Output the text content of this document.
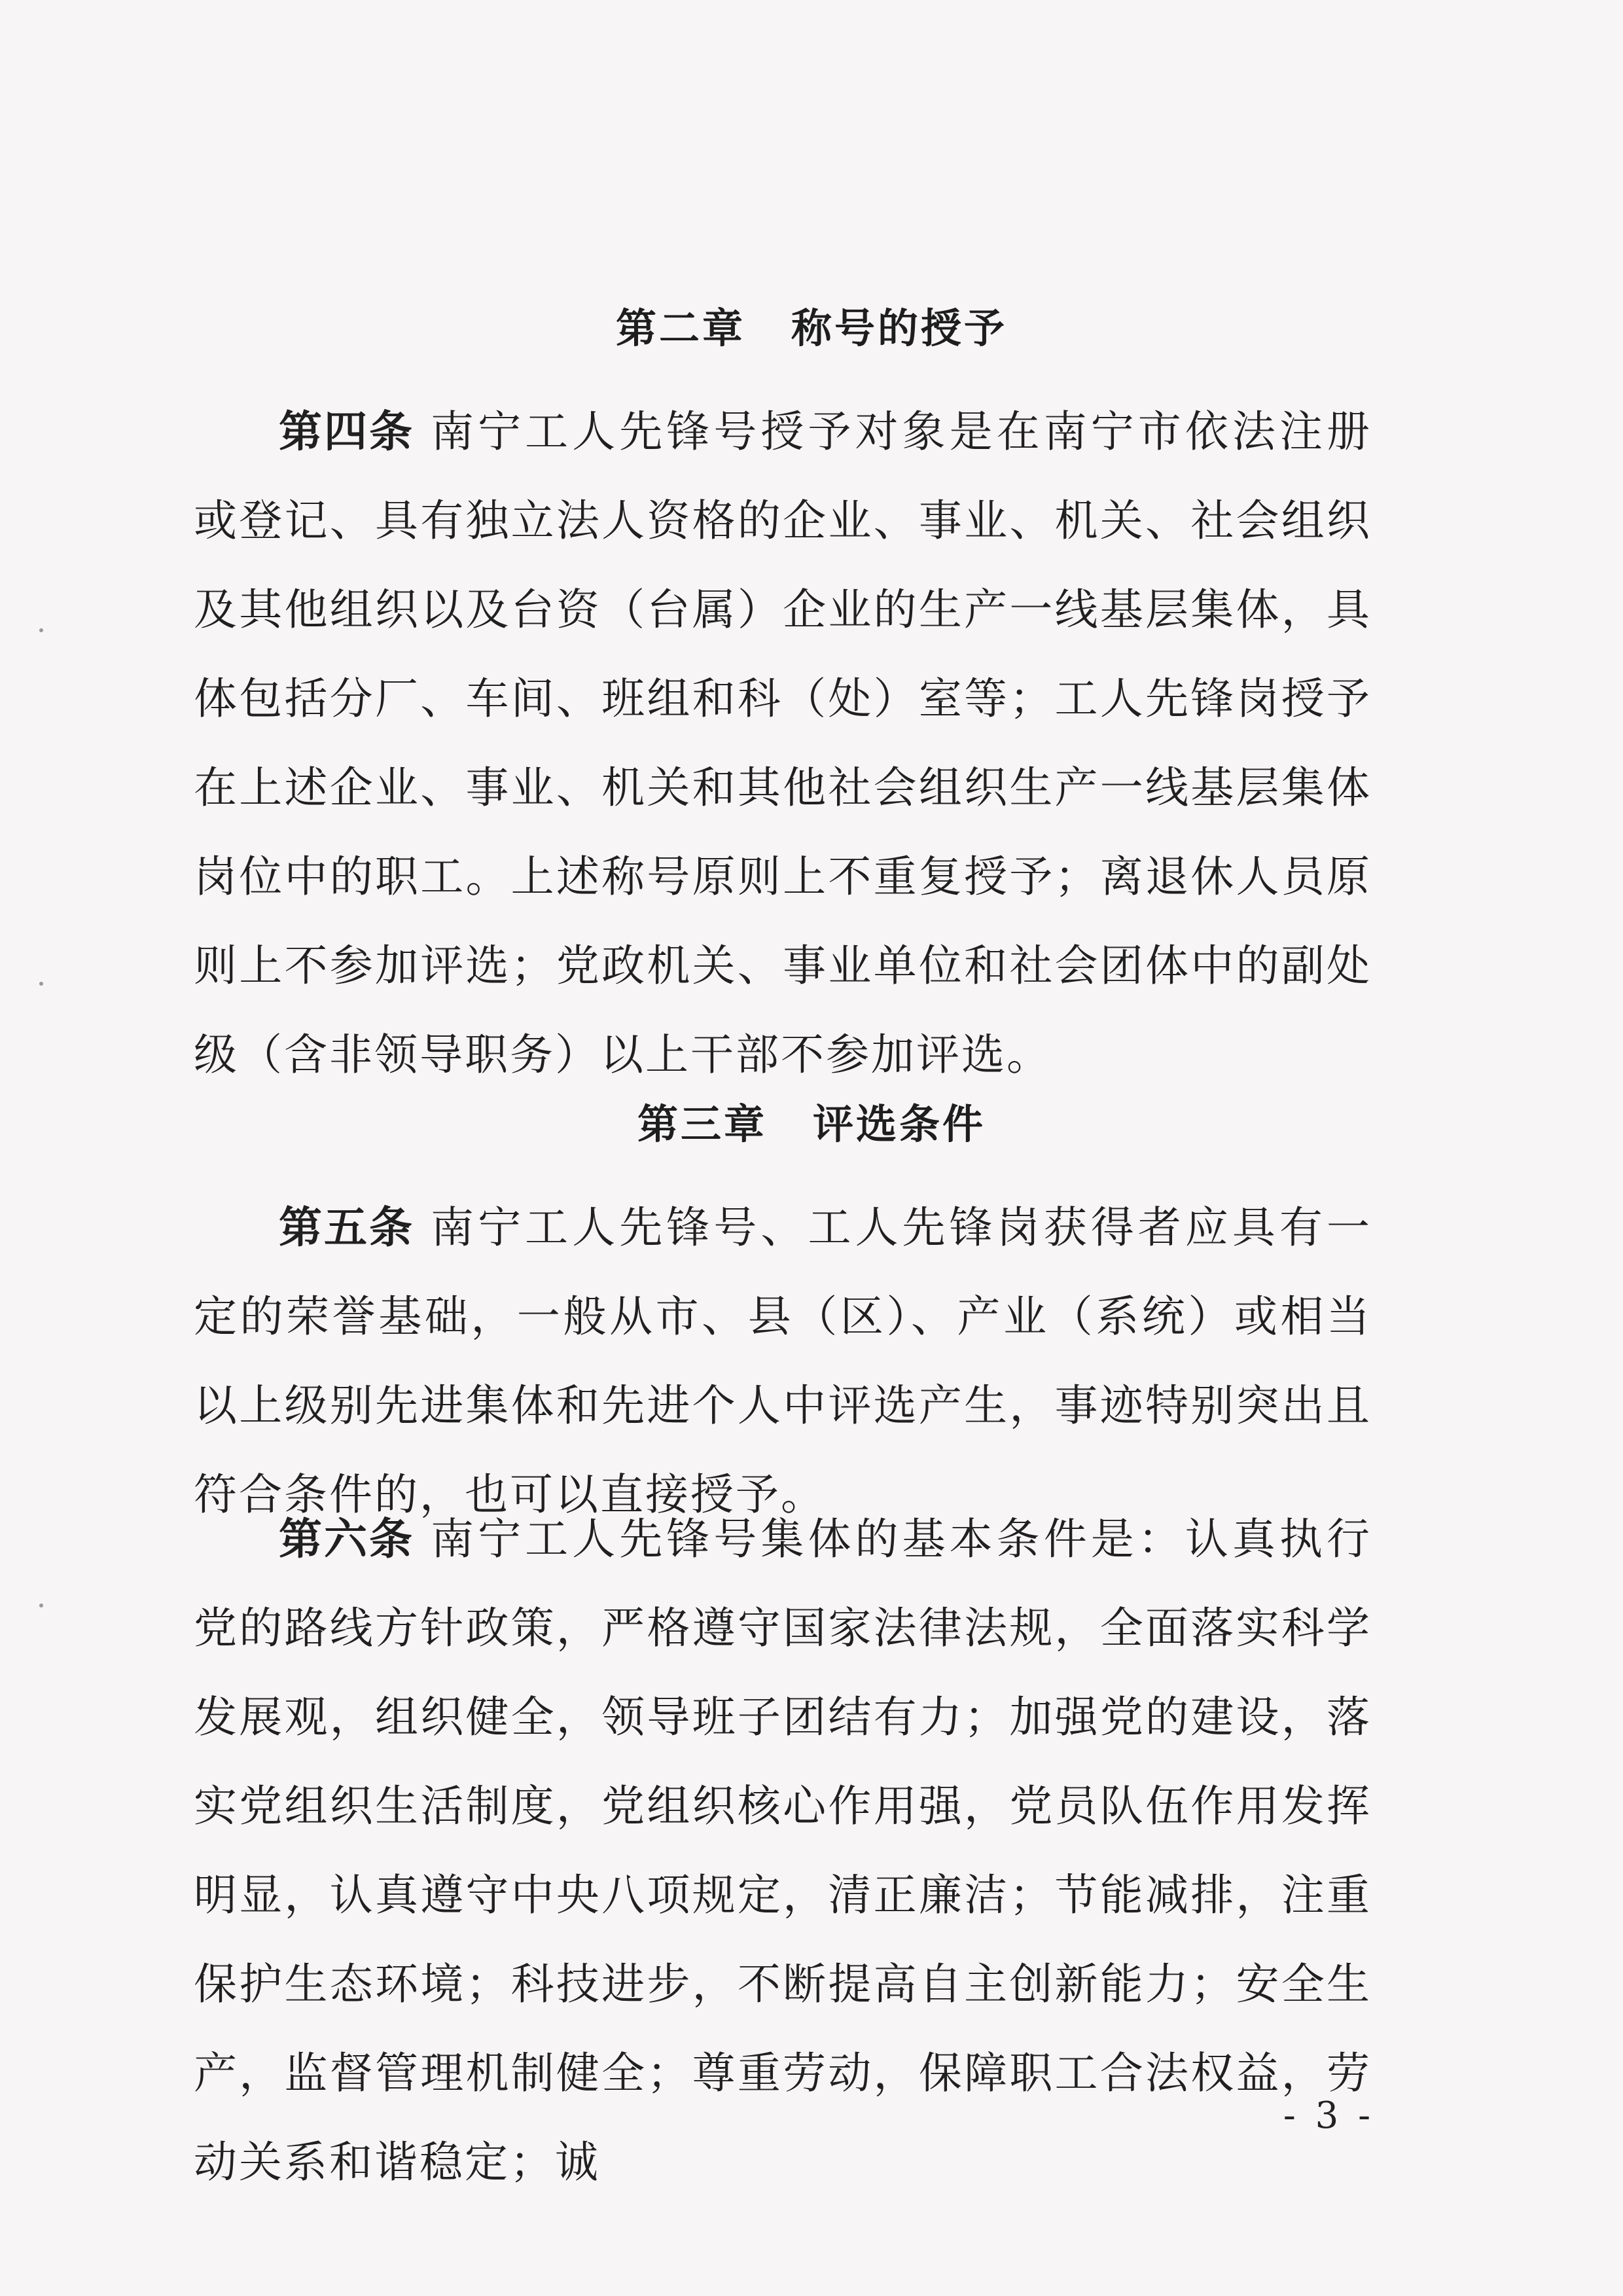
第二章 称号的授予
第四条 南宁工人先锋号授予对象是在南宁市依法注册或登记、具有独立法人资格的企业、事业、机关、社会组织及其他组织以及台资（台属）企业的生产一线基层集体，具体包括分厂、车间、班组和科（处）室等；工人先锋岗授予在上述企业、事业、机关和其他社会组织生产一线基层集体岗位中的职工。上述称号原则上不重复授予；离退休人员原则上不参加评选；党政机关、事业单位和社会团体中的副处级（含非领导职务）以上干部不参加评选。
第三章 评选条件
第五条 南宁工人先锋号、工人先锋岗获得者应具有一定的荣誉基础，一般从市、县（区）、产业（系统）或相当以上级别先进集体和先进个人中评选产生，事迹特别突出且符合条件的，也可以直接授予。
第六条 南宁工人先锋号集体的基本条件是：认真执行党的路线方针政策，严格遵守国家法律法规，全面落实科学发展观，组织健全，领导班子团结有力；加强党的建设，落实党组织生活制度，党组织核心作用强，党员队伍作用发挥明显，认真遵守中央八项规定，清正廉洁；节能减排，注重保护生态环境；科技进步，不断提高自主创新能力；安全生产，监督管理机制健全；尊重劳动，保障职工合法权益，劳动关系和谐稳定；诚
- 3 -
